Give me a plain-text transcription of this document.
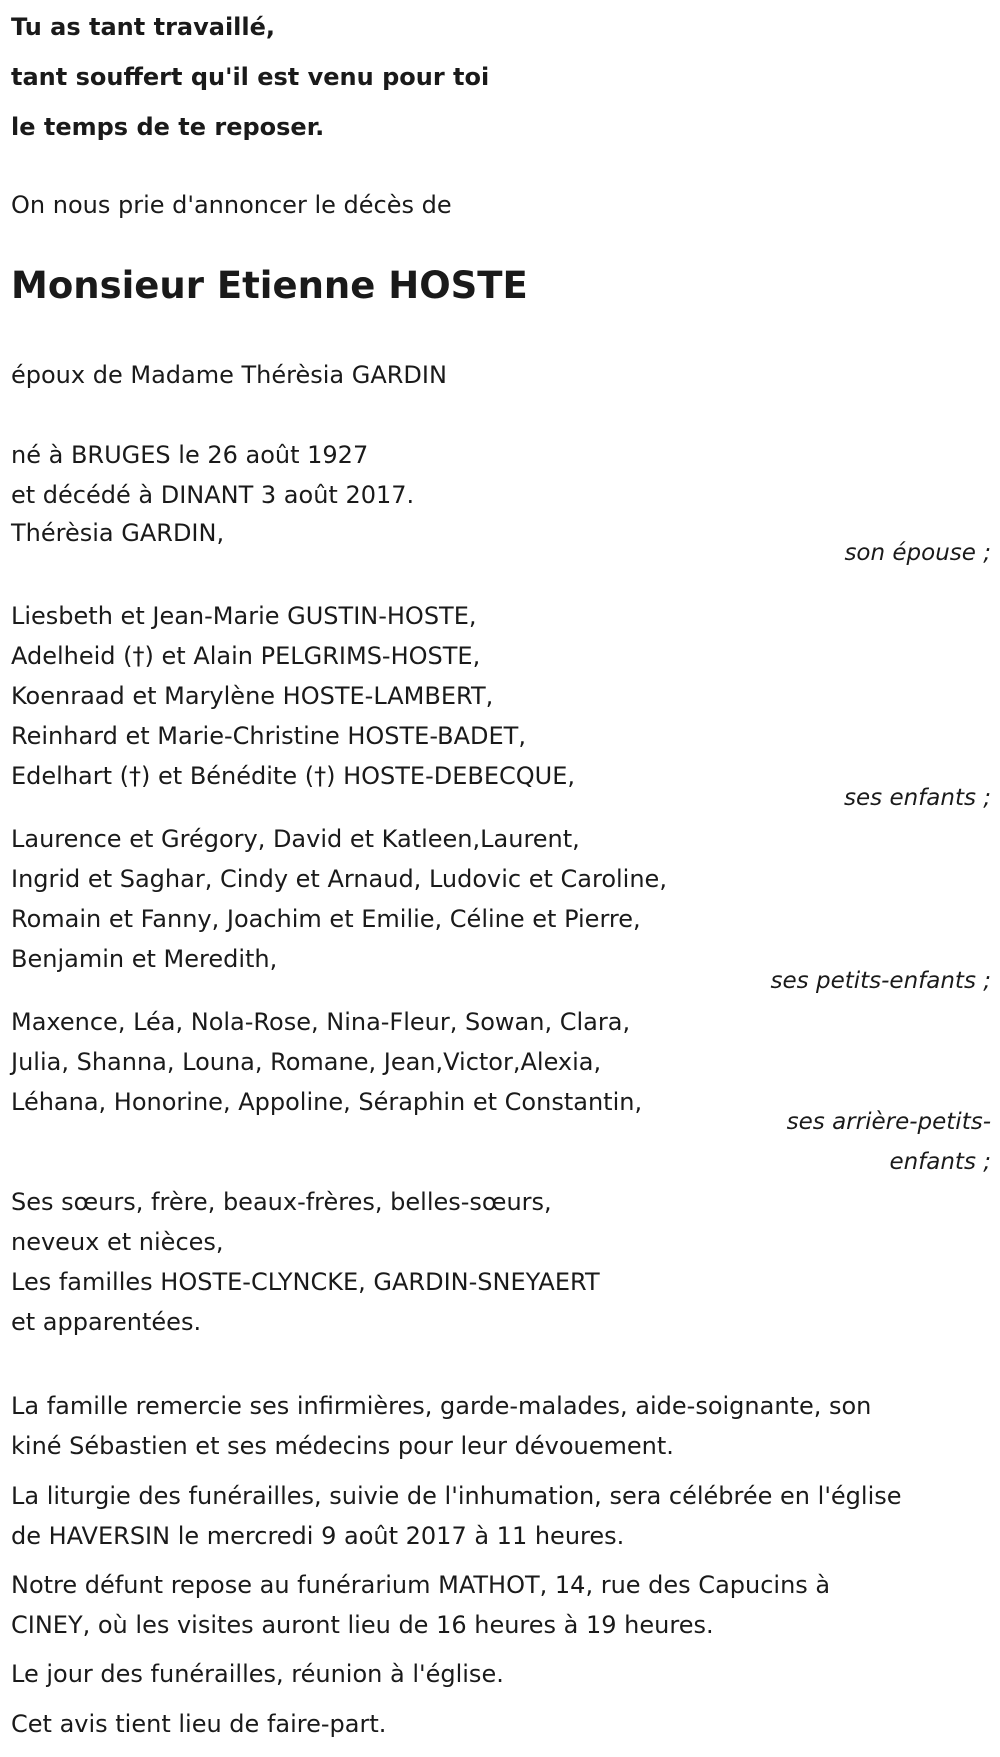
Tu as tant travaillé,

tant souffert qu'il est venu pour toi

le temps de te reposer.

On nous prie d'annoncer le décès de

Monsieur Etienne HOSTE

époux de Madame Thérèsia GARDIN

né à BRUGES le 26 août 1927

et décédé à DINANT 3 août 2017.

Thérèsia GARDIN,

son épouse ;

Liesbeth et Jean-Marie GUSTIN-HOSTE,

Adelheid (†) et Alain PELGRIMS-HOSTE,

Koenraad et Marylène HOSTE-LAMBERT,

Reinhard et Marie-Christine HOSTE-BADET,

Edelhart (†) et Bénédite (†) HOSTE-DEBECQUE,

ses enfants ;

Laurence et Grégory, David et Katleen,Laurent,

Ingrid et Saghar, Cindy et Arnaud, Ludovic et Caroline,

Romain et Fanny, Joachim et Emilie, Céline et Pierre,

Benjamin et Meredith,

ses petits-enfants ;

Maxence, Léa, Nola-Rose, Nina-Fleur, Sowan, Clara,

Julia, Shanna, Louna, Romane, Jean,Victor,Alexia,

Léhana, Honorine, Appoline, Séraphin et Constantin,

ses arrière-petits-

enfants ;

Ses sœurs, frère, beaux-frères, belles-sœurs,

neveux et nièces,

Les familles HOSTE-CLYNCKE, GARDIN-SNEYAERT

et apparentées.

La famille remercie ses infirmières, garde-malades, aide-soignante, son

kiné Sébastien et ses médecins pour leur dévouement.

La liturgie des funérailles, suivie de l'inhumation, sera célébrée en l'église

de HAVERSIN le mercredi 9 août 2017 à 11 heures.

Notre défunt repose au funérarium MATHOT, 14, rue des Capucins à

CINEY, où les visites auront lieu de 16 heures à 19 heures.

Le jour des funérailles, réunion à l'église.

Cet avis tient lieu de faire-part.
